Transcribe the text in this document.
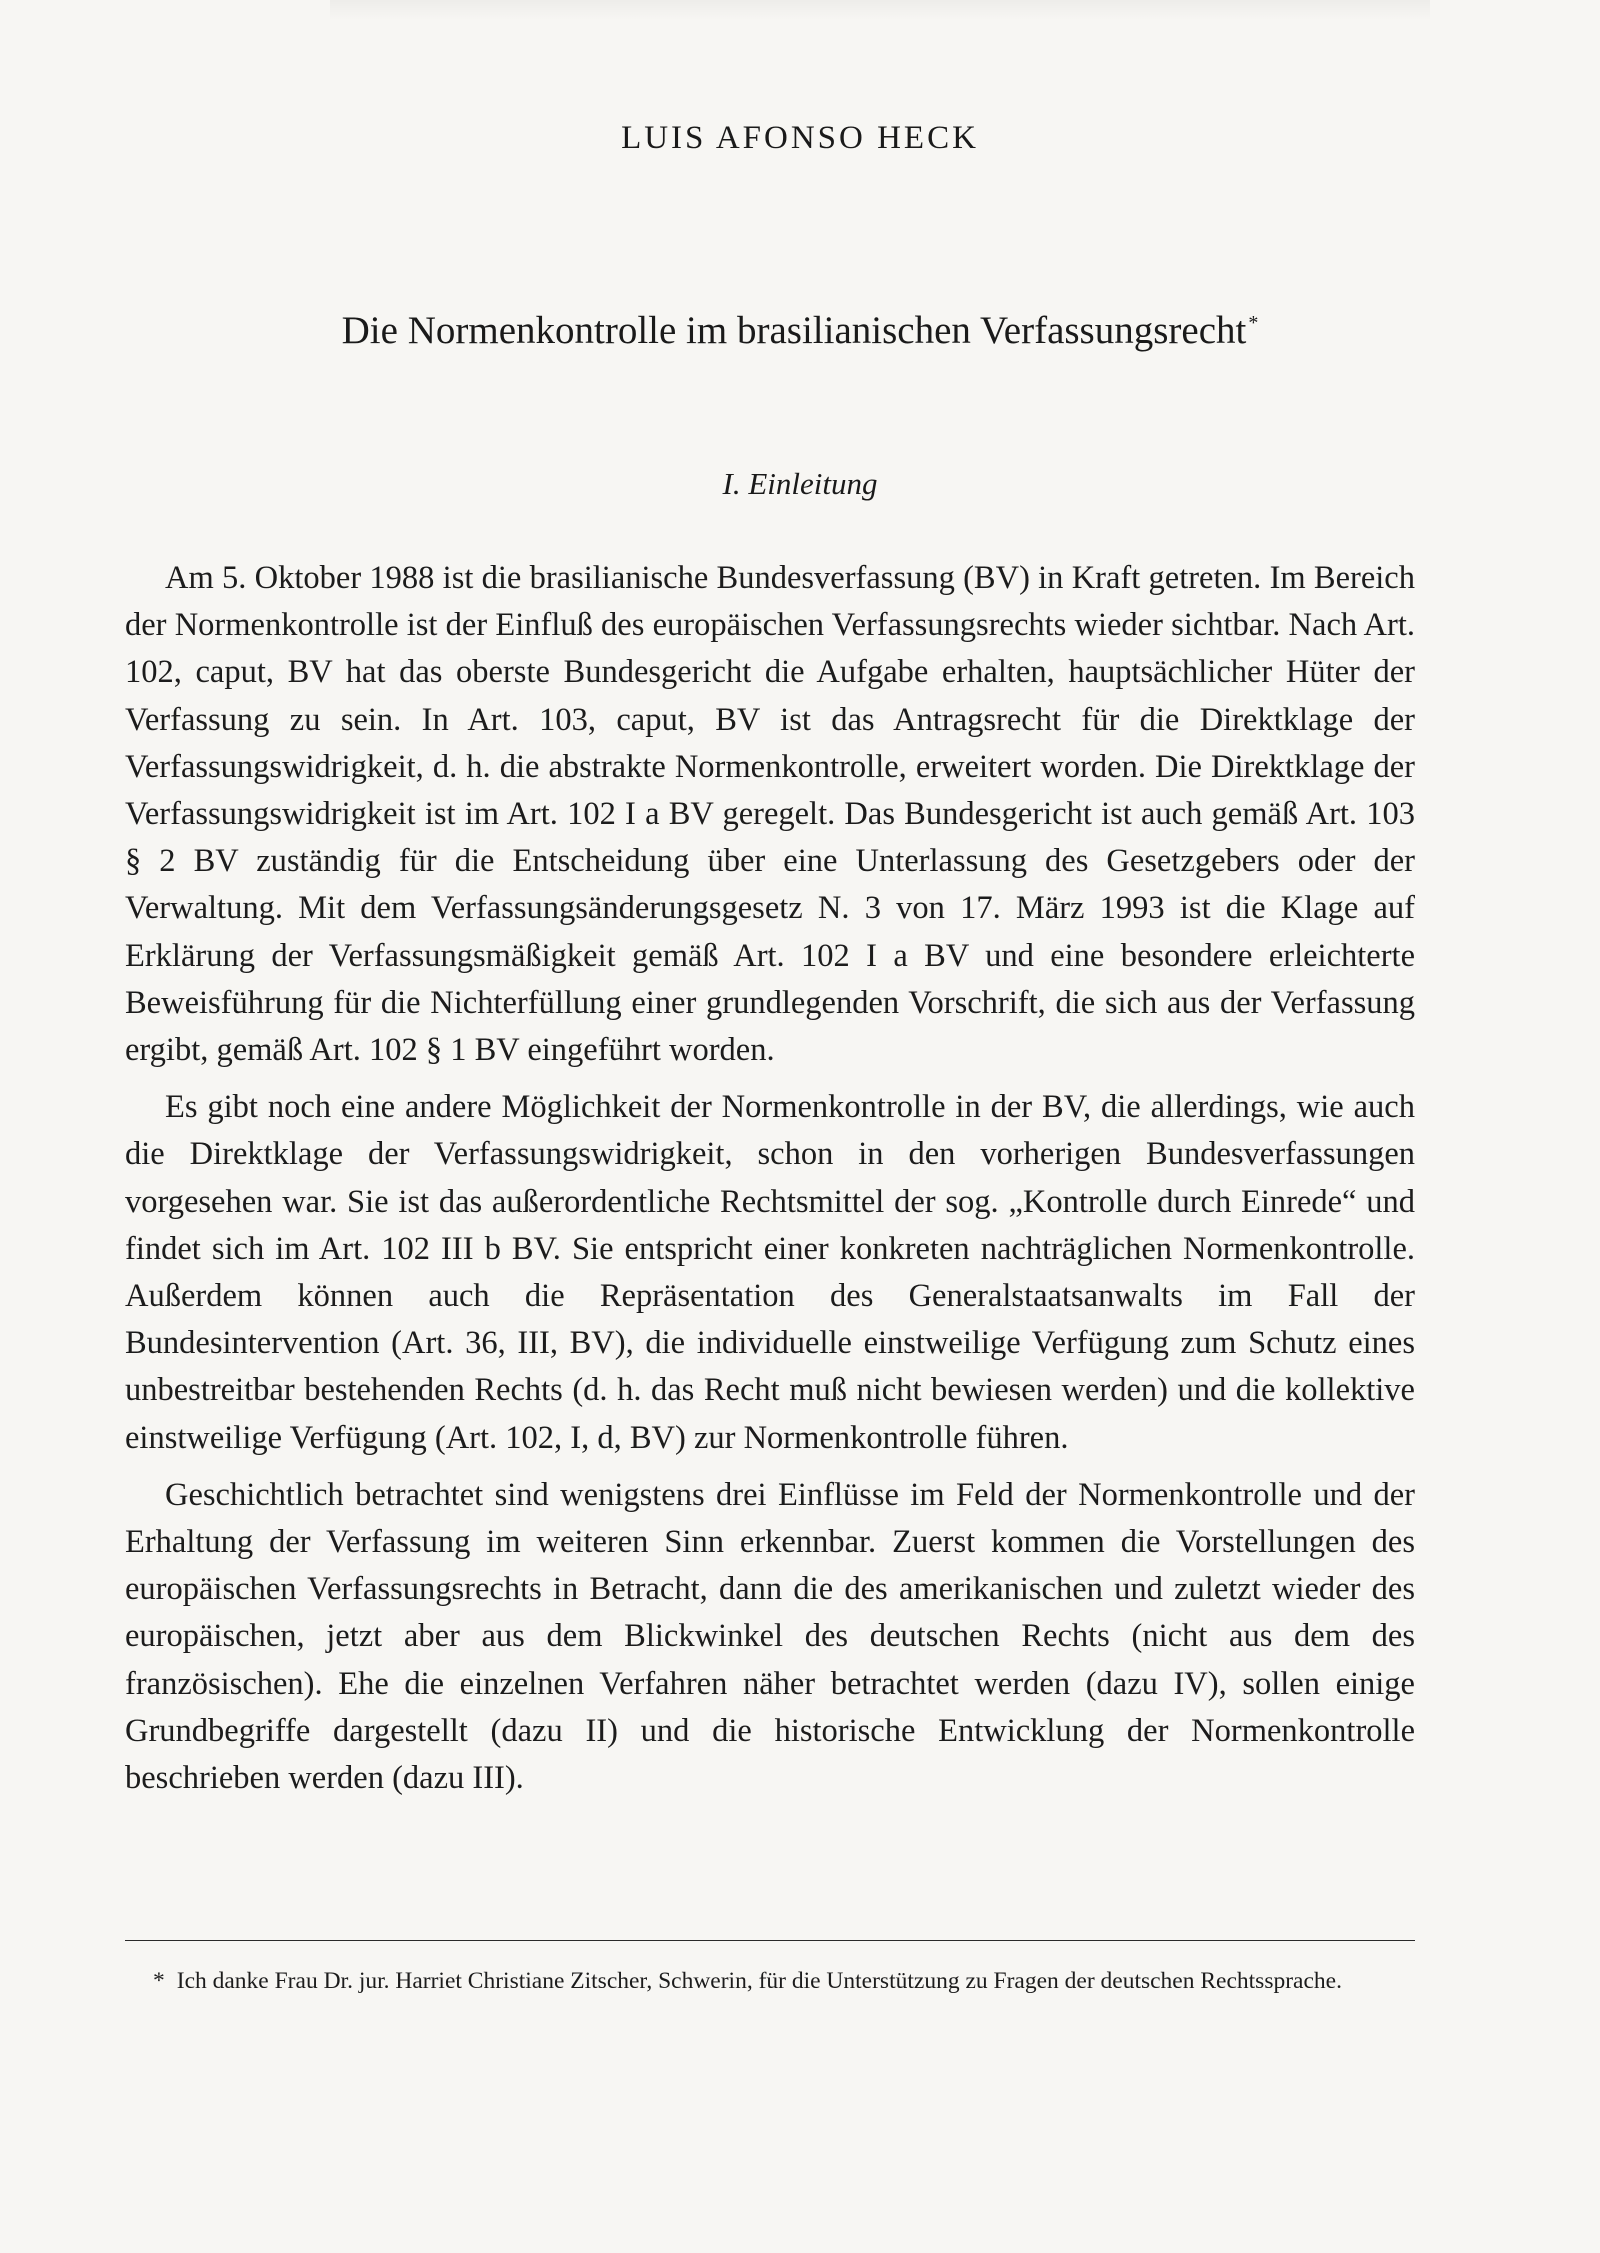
LUIS AFONSO HECK
Die Normenkontrolle im brasilianischen Verfassungsrecht *
I. Einleitung

Am 5. Oktober 1988 ist die brasilianische Bundesverfassung (BV) in Kraft getreten. Im Bereich der Normenkontrolle ist der Einfluß des europäischen Verfassungsrechts wieder sichtbar. Nach Art. 102, caput, BV hat das oberste Bundesgericht die Aufgabe erhalten, hauptsächlicher Hüter der Verfassung zu sein. In Art. 103, caput, BV ist das Antragsrecht für die Direktklage der Verfassungswidrigkeit, d. h. die abstrakte Normenkontrolle, erweitert worden. Die Direktklage der Verfassungswidrigkeit ist im Art. 102 I a BV geregelt. Das Bundesgericht ist auch gemäß Art. 103 § 2 BV zuständig für die Entscheidung über eine Unterlassung des Gesetzgebers oder der Verwaltung. Mit dem Verfassungsänderungsgesetz N. 3 von 17. März 1993 ist die Klage auf Erklärung der Verfassungsmäßigkeit gemäß Art. 102 I a BV und eine besondere erleichterte Beweisführung für die Nichterfüllung einer grundlegenden Vorschrift, die sich aus der Verfassung ergibt, gemäß Art. 102 § 1 BV eingeführt worden.

Es gibt noch eine andere Möglichkeit der Normenkontrolle in der BV, die allerdings, wie auch die Direktklage der Verfassungswidrigkeit, schon in den vorherigen Bundesverfassungen vorgesehen war. Sie ist das außerordentliche Rechtsmittel der sog. „Kontrolle durch Einrede“ und findet sich im Art. 102 III b BV. Sie entspricht einer konkreten nachträglichen Normenkontrolle. Außerdem können auch die Repräsentation des Generalstaatsanwalts im Fall der Bundesintervention (Art. 36, III, BV), die individuelle einstweilige Verfügung zum Schutz eines unbestreitbar bestehenden Rechts (d. h. das Recht muß nicht bewiesen werden) und die kollektive einstweilige Verfügung (Art. 102, I, d, BV) zur Normenkontrolle führen.

Geschichtlich betrachtet sind wenigstens drei Einflüsse im Feld der Normenkontrolle und der Erhaltung der Verfassung im weiteren Sinn erkennbar. Zuerst kommen die Vorstellungen des europäischen Verfassungsrechts in Betracht, dann die des amerikanischen und zuletzt wieder des europäischen, jetzt aber aus dem Blickwinkel des deutschen Rechts (nicht aus dem des französischen). Ehe die einzelnen Verfahren näher betrachtet werden (dazu IV), sollen einige Grundbegriffe dargestellt (dazu II) und die historische Entwicklung der Normenkontrolle beschrieben werden (dazu III).

* Ich danke Frau Dr. jur. Harriet Christiane Zitscher, Schwerin, für die Unterstützung zu Fragen der deutschen Rechtssprache.
